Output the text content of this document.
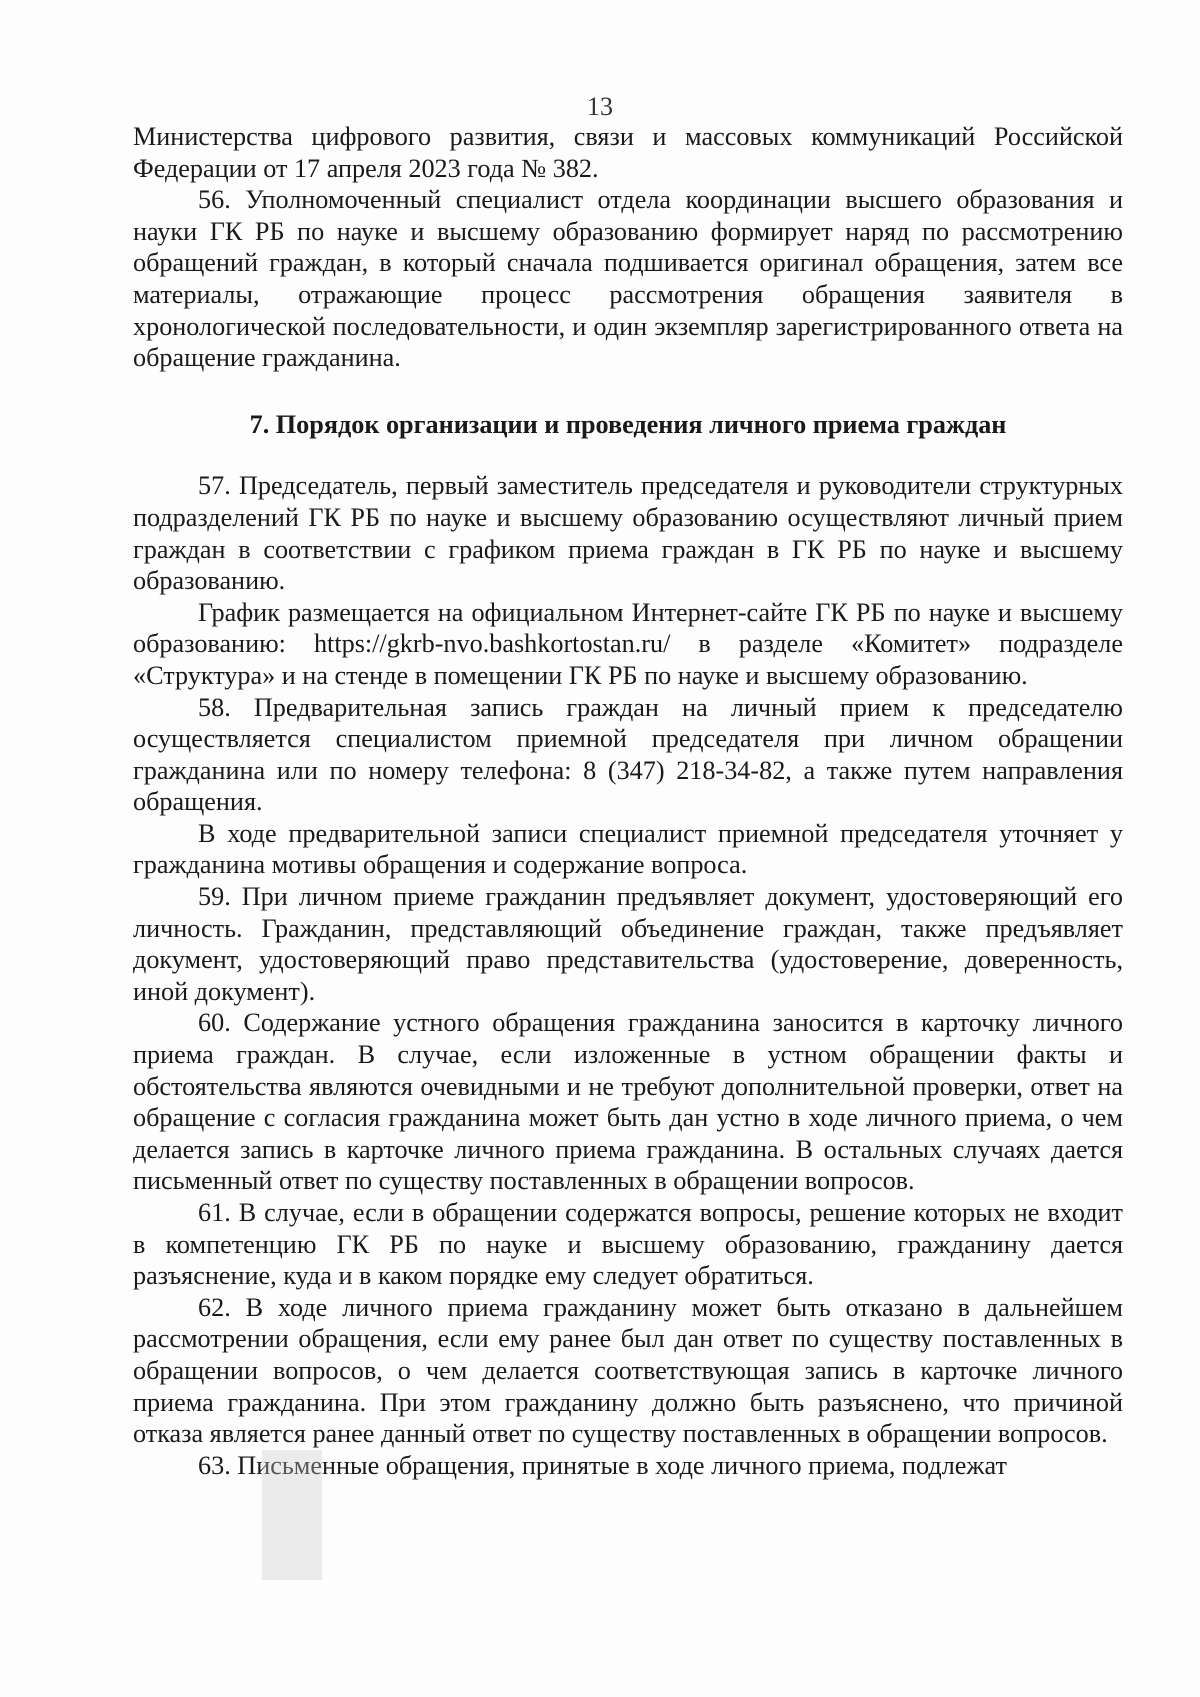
13

Министерства цифрового развития, связи и массовых коммуникаций Российской Федерации от 17 апреля 2023 года № 382.

56. Уполномоченный специалист отдела координации высшего образования и науки ГК РБ по науке и высшему образованию формирует наряд по рассмотрению обращений граждан, в который сначала подшивается оригинал обращения, затем все материалы, отражающие процесс рассмотрения обращения заявителя в хронологической последовательности, и один экземпляр зарегистрированного ответа на обращение гражданина.

7. Порядок организации и проведения личного приема граждан

57. Председатель, первый заместитель председателя и руководители структурных подразделений ГК РБ по науке и высшему образованию осуществляют личный прием граждан в соответствии с графиком приема граждан в ГК РБ по науке и высшему образованию.

График размещается на официальном Интернет-сайте ГК РБ по науке и высшему образованию: https://gkrb-nvo.bashkortostan.ru/ в разделе «Комитет» подразделе «Структура» и на стенде в помещении ГК РБ по науке и высшему образованию.

58. Предварительная запись граждан на личный прием к председателю осуществляется специалистом приемной председателя при личном обращении гражданина или по номеру телефона: 8 (347) 218-34-82, а также путем направления обращения.

В ходе предварительной записи специалист приемной председателя уточняет у гражданина мотивы обращения и содержание вопроса.

59. При личном приеме гражданин предъявляет документ, удостоверяющий его личность. Гражданин, представляющий объединение граждан, также предъявляет документ, удостоверяющий право представительства (удостоверение, доверенность, иной документ).

60. Содержание устного обращения гражданина заносится в карточку личного приема граждан. В случае, если изложенные в устном обращении факты и обстоятельства являются очевидными и не требуют дополнительной проверки, ответ на обращение с согласия гражданина может быть дан устно в ходе личного приема, о чем делается запись в карточке личного приема гражданина. В остальных случаях дается письменный ответ по существу поставленных в обращении вопросов.

61. В случае, если в обращении содержатся вопросы, решение которых не входит в компетенцию ГК РБ по науке и высшему образованию, гражданину дается разъяснение, куда и в каком порядке ему следует обратиться.

62. В ходе личного приема гражданину может быть отказано в дальнейшем рассмотрении обращения, если ему ранее был дан ответ по существу поставленных в обращении вопросов, о чем делается соответствующая запись в карточке личного приема гражданина. При этом гражданину должно быть разъяснено, что причиной отказа является ранее данный ответ по существу поставленных в обращении вопросов.

63. Письменные обращения, принятые в ходе личного приема, подлежат
